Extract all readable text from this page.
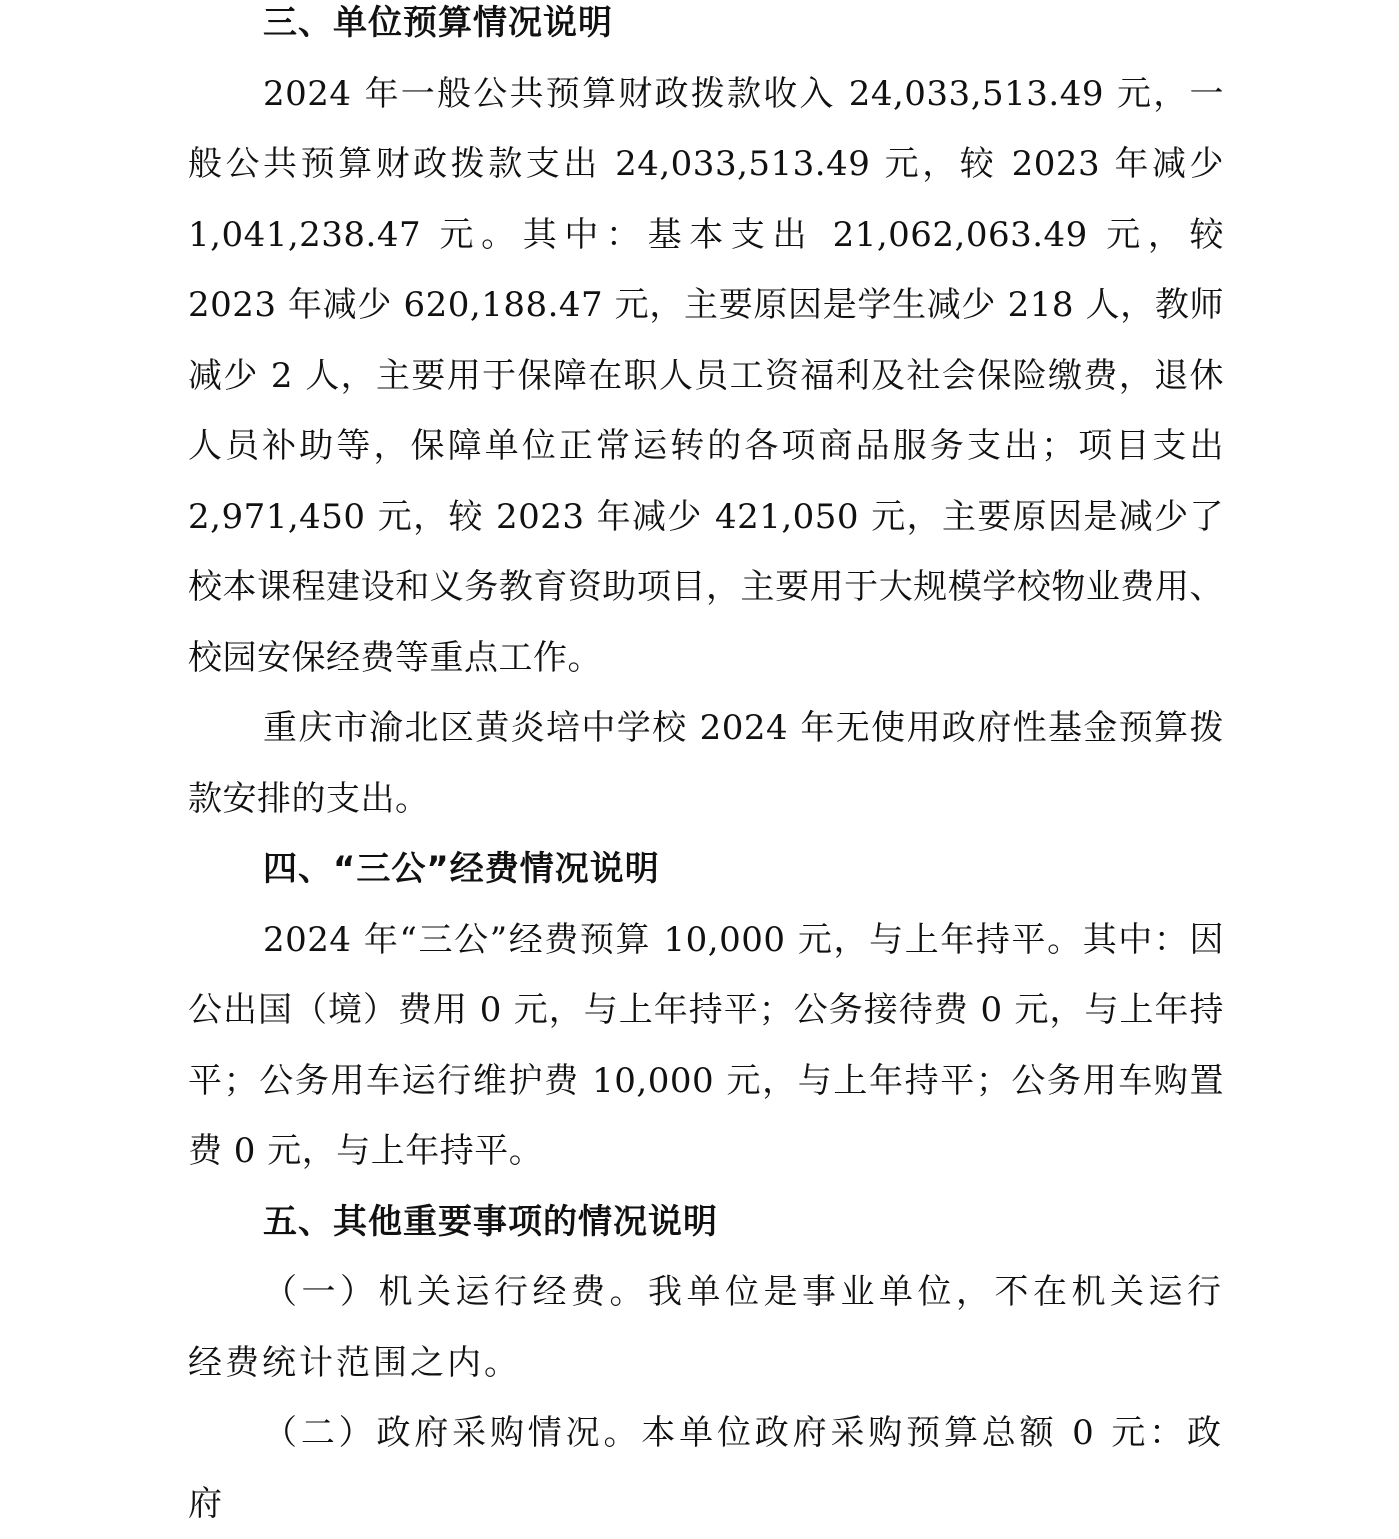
三、单位预算情况说明

2024 年一般公共预算财政拨款收入 24,033,513.49 元，一般公共预算财政拨款支出 24,033,513.49 元，较 2023 年减少 1,041,238.47 元。其中：基本支出 21,062,063.49 元，较 2023 年减少 620,188.47 元，主要原因是学生减少 218 人，教师减少 2 人，主要用于保障在职人员工资福利及社会保险缴费，退休人员补助等，保障单位正常运转的各项商品服务支出；项目支出 2,971,450 元，较 2023 年减少 421,050 元，主要原因是减少了校本课程建设和义务教育资助项目，主要用于大规模学校物业费用、校园安保经费等重点工作。

重庆市渝北区黄炎培中学校 2024 年无使用政府性基金预算拨款安排的支出。

四、“三公”经费情况说明

2024 年“三公”经费预算 10,000 元，与上年持平。其中：因公出国（境）费用 0 元，与上年持平；公务接待费 0 元，与上年持平；公务用车运行维护费 10,000 元，与上年持平；公务用车购置费 0 元，与上年持平。

五、其他重要事项的情况说明

（一）机关运行经费。我单位是事业单位，不在机关运行经费统计范围之内。

（二）政府采购情况。本单位政府采购预算总额 0 元：政府
